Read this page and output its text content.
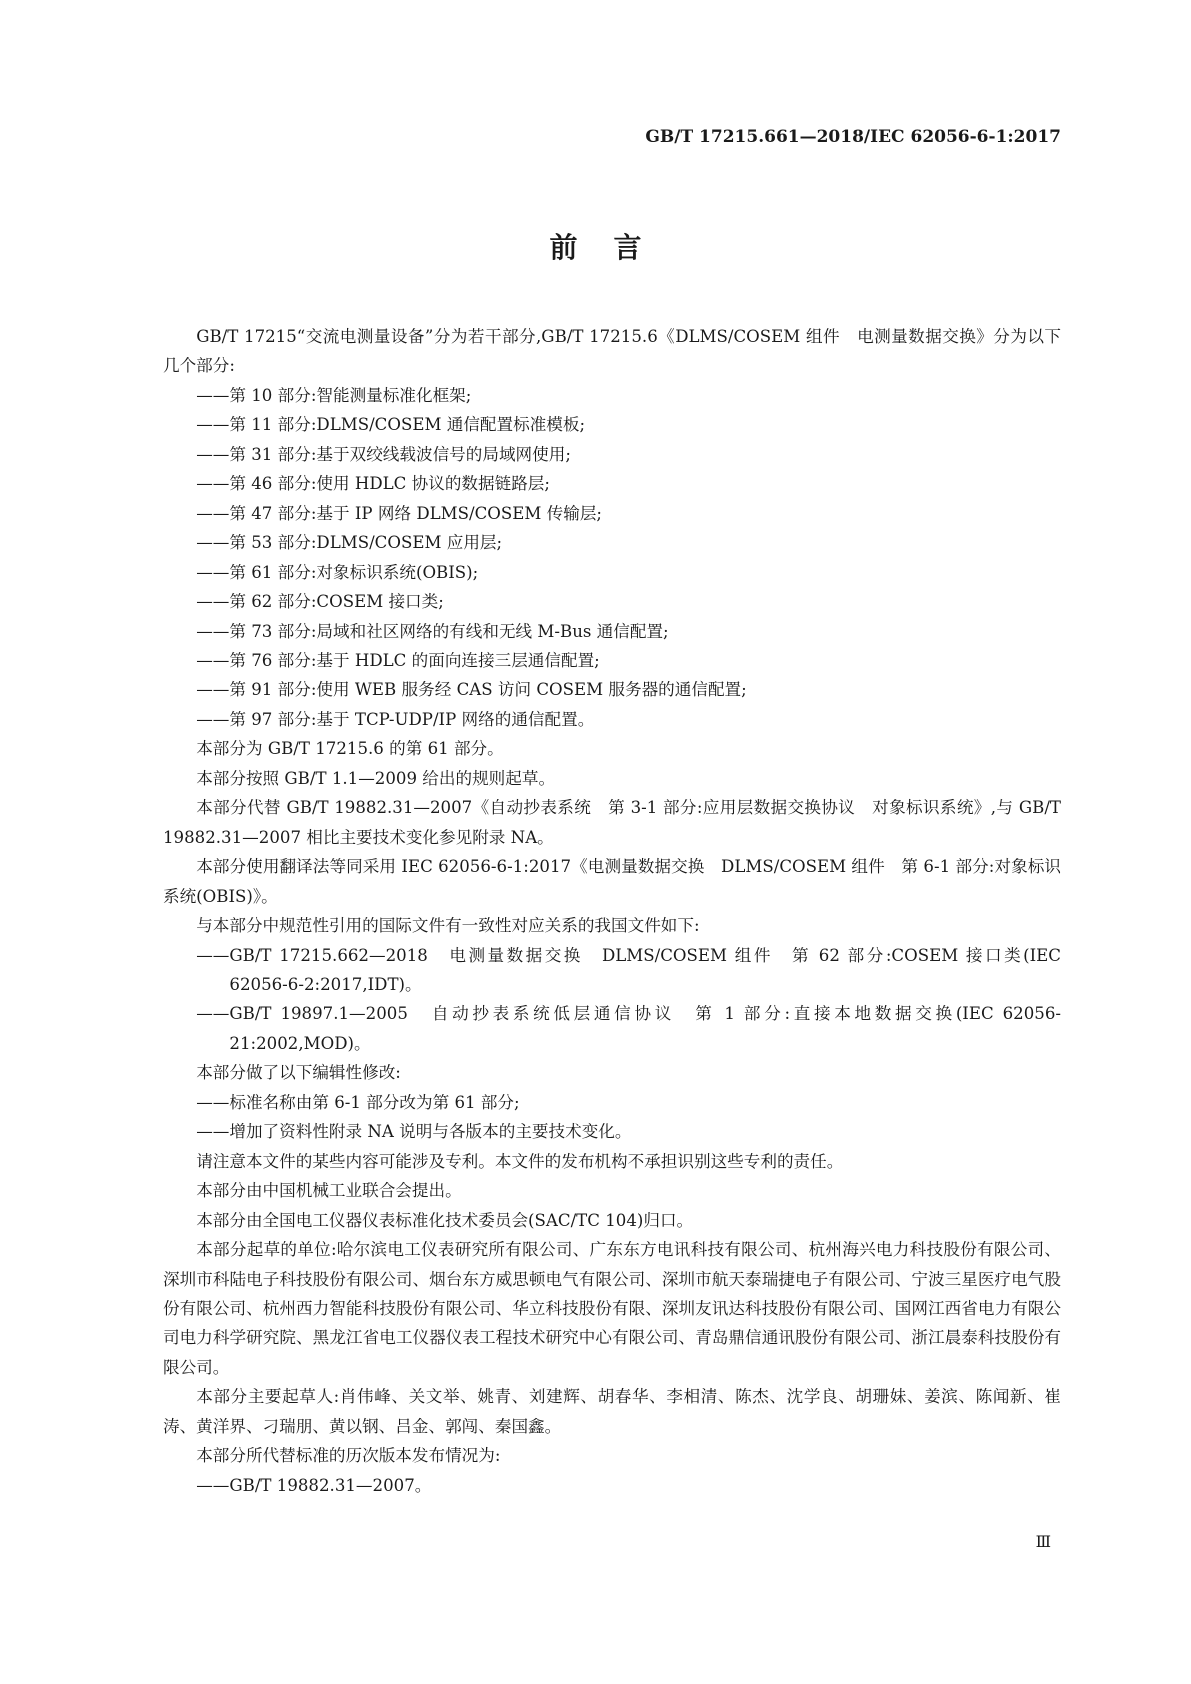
GB/T 17215.661—2018/IEC 62056-6-1:2017
前 言

GB/T 17215“交流电测量设备”分为若干部分,GB/T 17215.6《DLMS/COSEM 组件　电测量数据交换》分为以下几个部分:

——第 10 部分:智能测量标准化框架;

——第 11 部分:DLMS/COSEM 通信配置标准模板;

——第 31 部分:基于双绞线载波信号的局域网使用;

——第 46 部分:使用 HDLC 协议的数据链路层;

——第 47 部分:基于 IP 网络 DLMS/COSEM 传输层;

——第 53 部分:DLMS/COSEM 应用层;

——第 61 部分:对象标识系统(OBIS);

——第 62 部分:COSEM 接口类;

——第 73 部分:局域和社区网络的有线和无线 M-Bus 通信配置;

——第 76 部分:基于 HDLC 的面向连接三层通信配置;

——第 91 部分:使用 WEB 服务经 CAS 访问 COSEM 服务器的通信配置;

——第 97 部分:基于 TCP-UDP/IP 网络的通信配置。

本部分为 GB/T 17215.6 的第 61 部分。

本部分按照 GB/T 1.1—2009 给出的规则起草。

本部分代替 GB/T 19882.31—2007《自动抄表系统　第 3-1 部分:应用层数据交换协议　对象标识系统》,与 GB/T 19882.31—2007 相比主要技术变化参见附录 NA。

本部分使用翻译法等同采用 IEC 62056-6-1:2017《电测量数据交换　DLMS/COSEM 组件　第 6-1 部分:对象标识系统(OBIS)》。

与本部分中规范性引用的国际文件有一致性对应关系的我国文件如下:

——GB/T 17215.662—2018　电测量数据交换　DLMS/COSEM 组件　第 62 部分:COSEM 接口类(IEC 62056-6-2:2017,IDT)。

——GB/T 19897.1—2005　自动抄表系统低层通信协议　第 1 部分:直接本地数据交换(IEC 62056-21:2002,MOD)。

本部分做了以下编辑性修改:

——标准名称由第 6-1 部分改为第 61 部分;

——增加了资料性附录 NA 说明与各版本的主要技术变化。

请注意本文件的某些内容可能涉及专利。本文件的发布机构不承担识别这些专利的责任。

本部分由中国机械工业联合会提出。

本部分由全国电工仪器仪表标准化技术委员会(SAC/TC 104)归口。

本部分起草的单位:哈尔滨电工仪表研究所有限公司、广东东方电讯科技有限公司、杭州海兴电力科技股份有限公司、深圳市科陆电子科技股份有限公司、烟台东方威思顿电气有限公司、深圳市航天泰瑞捷电子有限公司、宁波三星医疗电气股份有限公司、杭州西力智能科技股份有限公司、华立科技股份有限、深圳友讯达科技股份有限公司、国网江西省电力有限公司电力科学研究院、黑龙江省电工仪器仪表工程技术研究中心有限公司、青岛鼎信通讯股份有限公司、浙江晨泰科技股份有限公司。

本部分主要起草人:肖伟峰、关文举、姚青、刘建辉、胡春华、李相清、陈杰、沈学良、胡珊妹、姜滨、陈闻新、崔涛、黄洋界、刁瑞朋、黄以钢、吕金、郭闯、秦国鑫。

本部分所代替标准的历次版本发布情况为:

——GB/T 19882.31—2007。

Ⅲ
